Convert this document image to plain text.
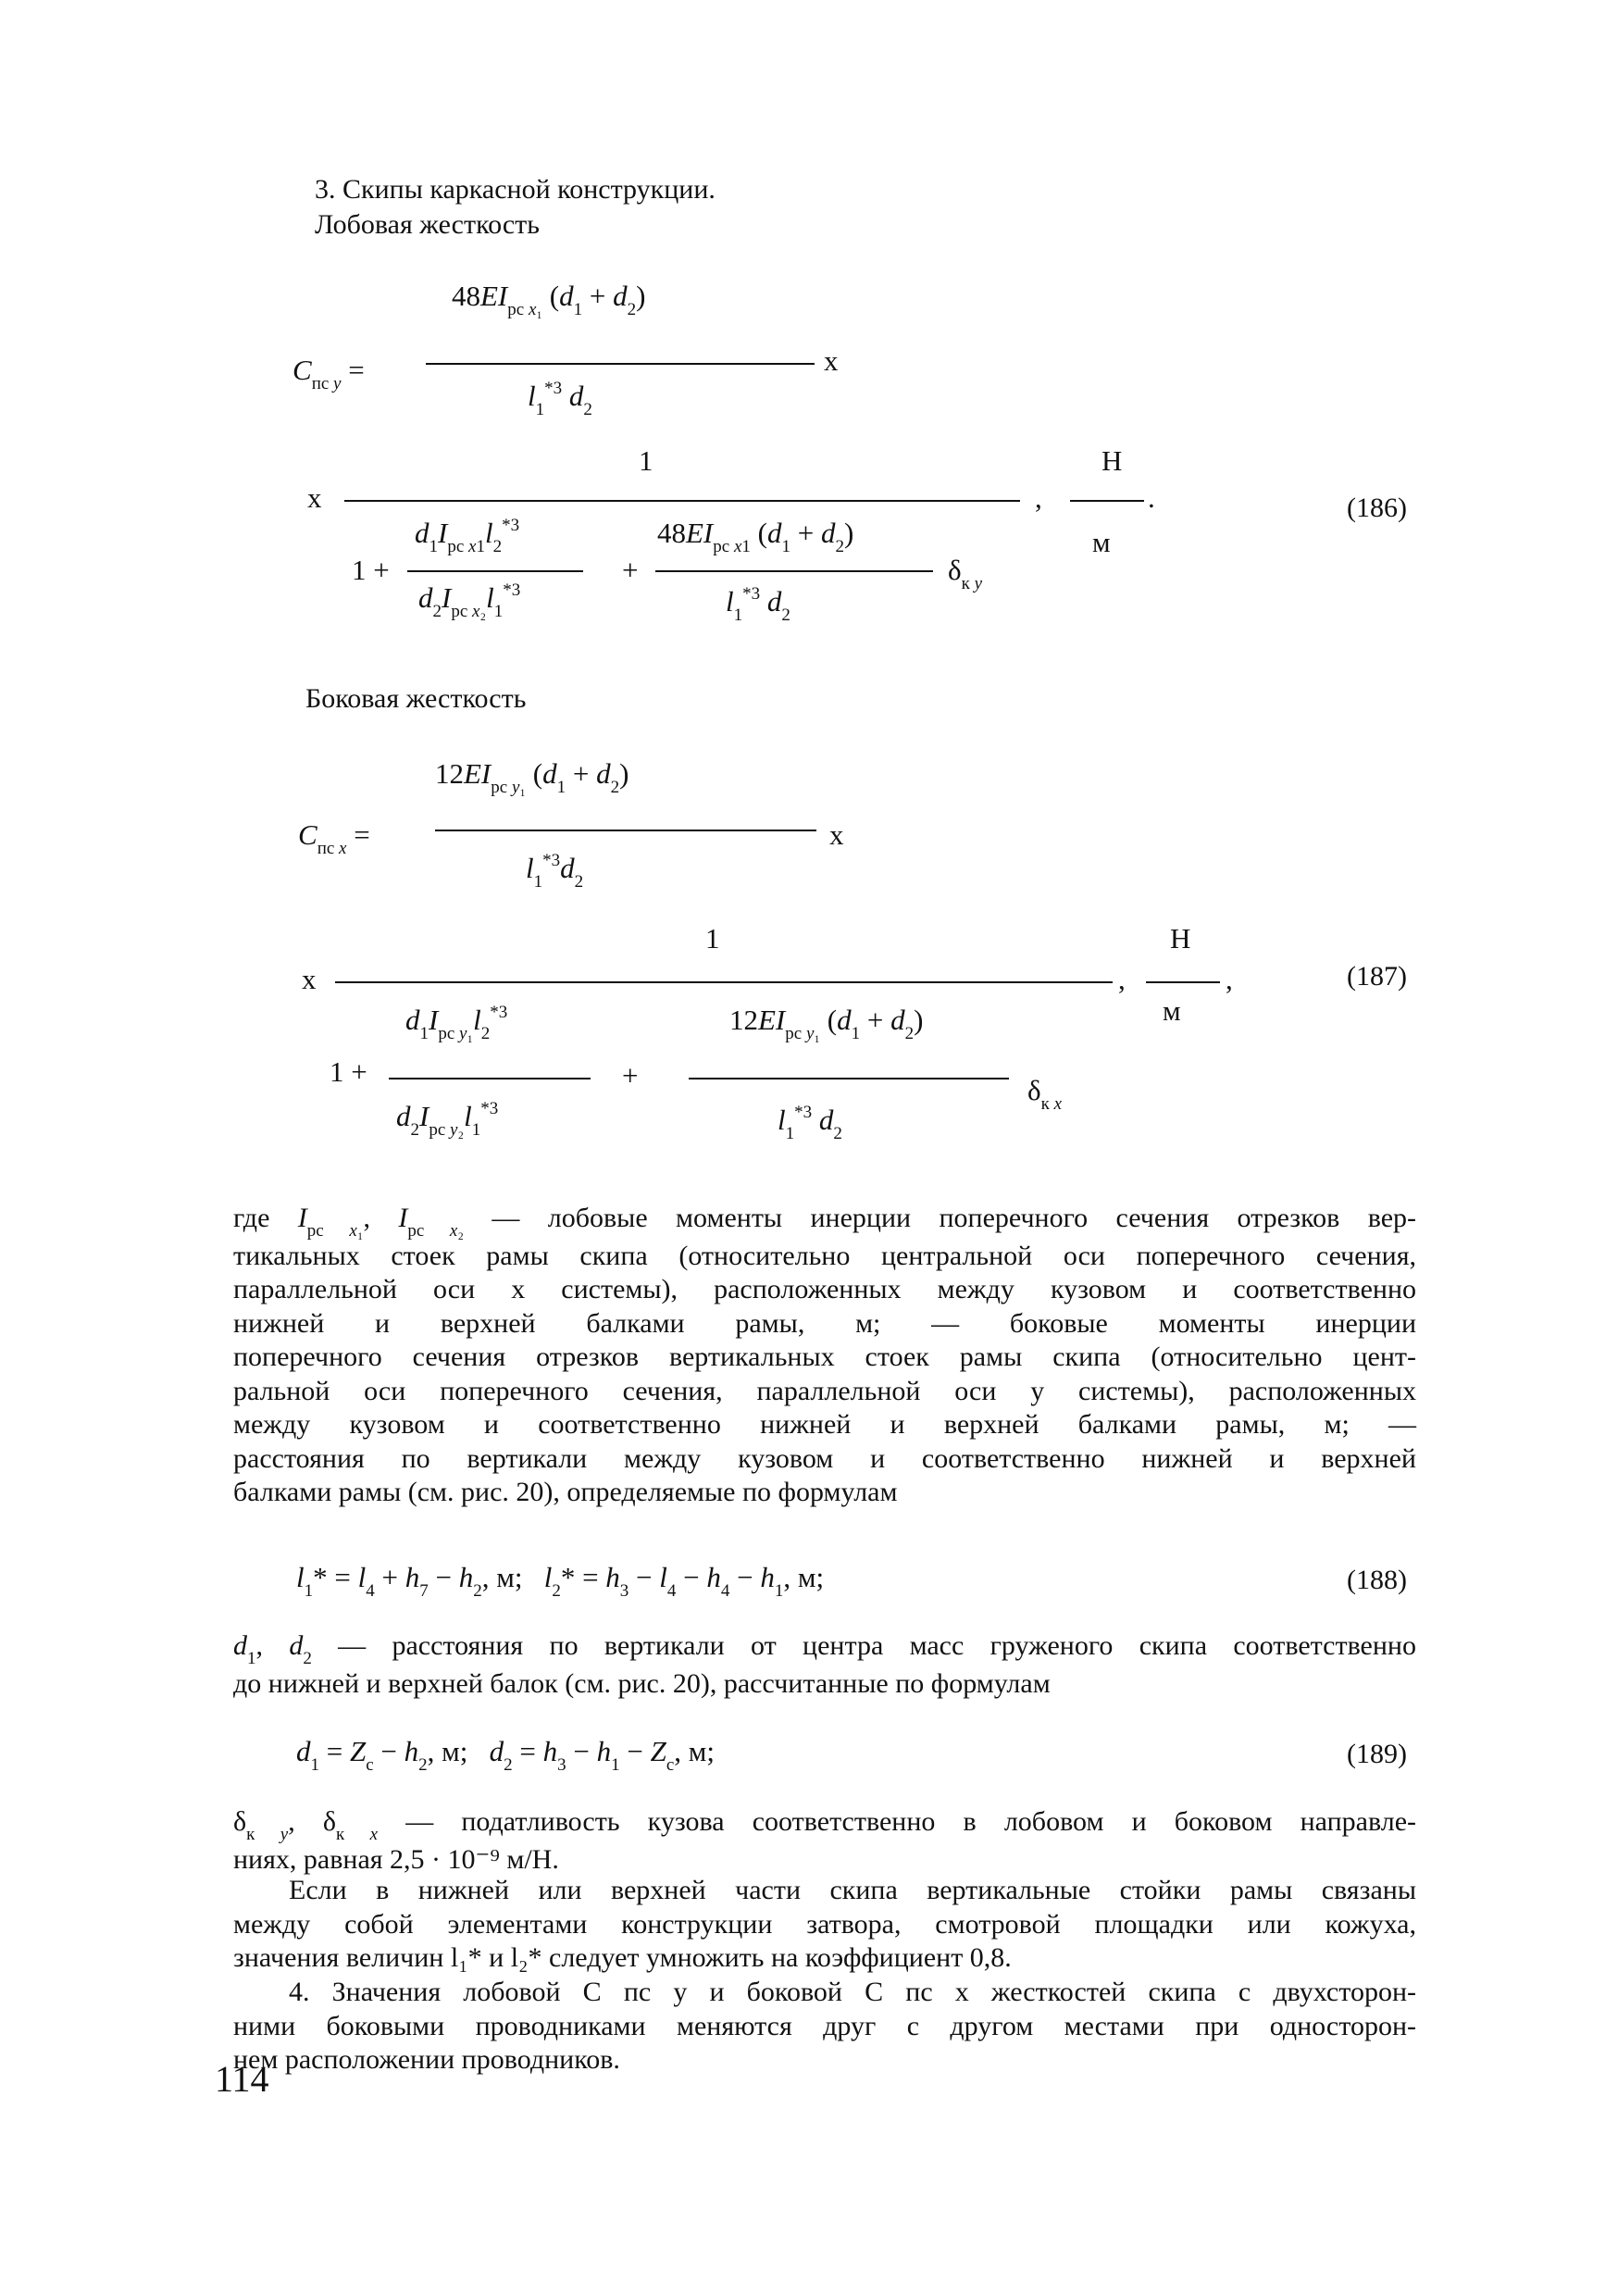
3. Скипы каркасной конструкции.
Лобовая жесткость
$C_{пс y}$ =
$48EI_{рс x_1}$ $(d_1 + d_2)$
x
$l_1^{*3}$ $d_2$
x
1
,
Н
.
м
(186)
1 +
$d_1I_{рс x1}l_2^{*3}$
$d_2I_{рс x_2}l_1^{*3}$
+
$48EI_{рс x1}$ $(d_1 + d_2)$
$l_1^{*3}$ $d_2$
$\delta_{к y}$
Боковая жесткость
$C_{пс x}$ =
$12EI_{рс y_1}$ $(d_1 + d_2)$
x
$l_1^{*3}d_2$
x
1
,
Н
,
м
(187)
1 +
$d_1I_{рс y_1}l_2^{*3}$
$d_2I_{рс y_2}l_1^{*3}$
+
$12EI_{рс y_1}$ $(d_1 + d_2)$
$l_1^{*3}$ $d_2$
$\delta_{к x}$
где $I_{рс x_1}$, $I_{рс x_2}$ — лобовые моменты инерции поперечного сечения отрезков вер-
тикальных стоек рамы скипа (относительно центральной оси поперечного сечения,
параллельной оси x системы), расположенных между кузовом и соответственно
нижней и верхней балками рамы, м; — боковые моменты инерции
поперечного сечения отрезков вертикальных стоек рамы скипа (относительно цент-
ральной оси поперечного сечения, параллельной оси y системы), расположенных
между кузовом и соответственно нижней и верхней балками рамы, м; —
расстояния по вертикали между кузовом и соответственно нижней и верхней
балками рамы (см. рис. 20), определяемые по формулам
$l_1* = l_4 + h_7 - h_2$, м;   $l_2* = h_3 - l_4 - h_4 - h_1$, м;	(188)
$d_1$, $d_2$ — расстояния по вертикали от центра масс груженого скипа соответственно
до нижней и верхней балок (см. рис. 20), рассчитанные по формулам
$d_1 = Z_с - h_2$, м;   $d_2 = h_3 - h_1 - Z_с$, м;	(189)
$\delta_{к y}$, $\delta_{к x}$ — податливость кузова соответственно в лобовом и боковом направле-
ниях, равная 2,5 · 10⁻⁹ м/Н.
Если в нижней или верхней части скипа вертикальные стойки рамы связаны
между собой элементами конструкции затвора, смотровой площадки или кожуха,
значения величин l₁* и l₂* следует умножить на коэффициент 0,8.
4. Значения лобовой C пс y и боковой C пс x жесткостей скипа с двухсторон-
ними боковыми проводниками меняются друг с другом местами при односторон-
нем расположении проводников.
114
